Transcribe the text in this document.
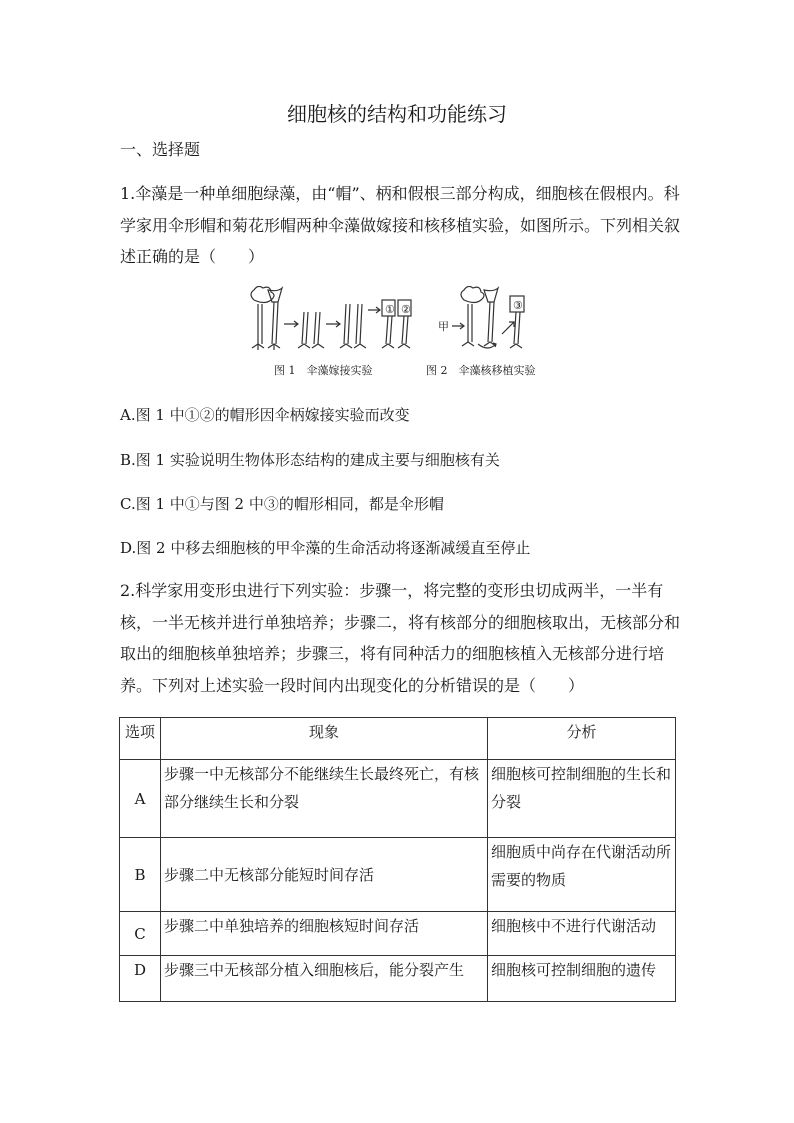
细胞核的结构和功能练习
一、选择题
1.伞藻是一种单细胞绿藻，由“帽”、柄和假根三部分构成，细胞核在假根内。科学家用伞形帽和菊花形帽两种伞藻做嫁接和核移植实验，如图所示。下列相关叙述正确的是（　　）
① ②	③
甲
图 1　伞藻嫁接实验	图 2　伞藻核移植实验
A.图 1 中①②的帽形因伞柄嫁接实验而改变
B.图 1 实验说明生物体形态结构的建成主要与细胞核有关
C.图 1 中①与图 2 中③的帽形相同，都是伞形帽
D.图 2 中移去细胞核的甲伞藻的生命活动将逐渐减缓直至停止
2.科学家用变形虫进行下列实验：步骤一，将完整的变形虫切成两半，一半有核，一半无核并进行单独培养；步骤二，将有核部分的细胞核取出，无核部分和取出的细胞核单独培养；步骤三，将有同种活力的细胞核植入无核部分进行培养。下列对上述实验一段时间内出现变化的分析错误的是（　　）
选项	现象	分析
A	步骤一中无核部分不能继续生长最终死亡，有核部分继续生长和分裂	细胞核可控制细胞的生长和分裂
B	步骤二中无核部分能短时间存活	细胞质中尚存在代谢活动所需要的物质
C	步骤二中单独培养的细胞核短时间存活	细胞核中不进行代谢活动
D	步骤三中无核部分植入细胞核后，能分裂产生	细胞核可控制细胞的遗传
